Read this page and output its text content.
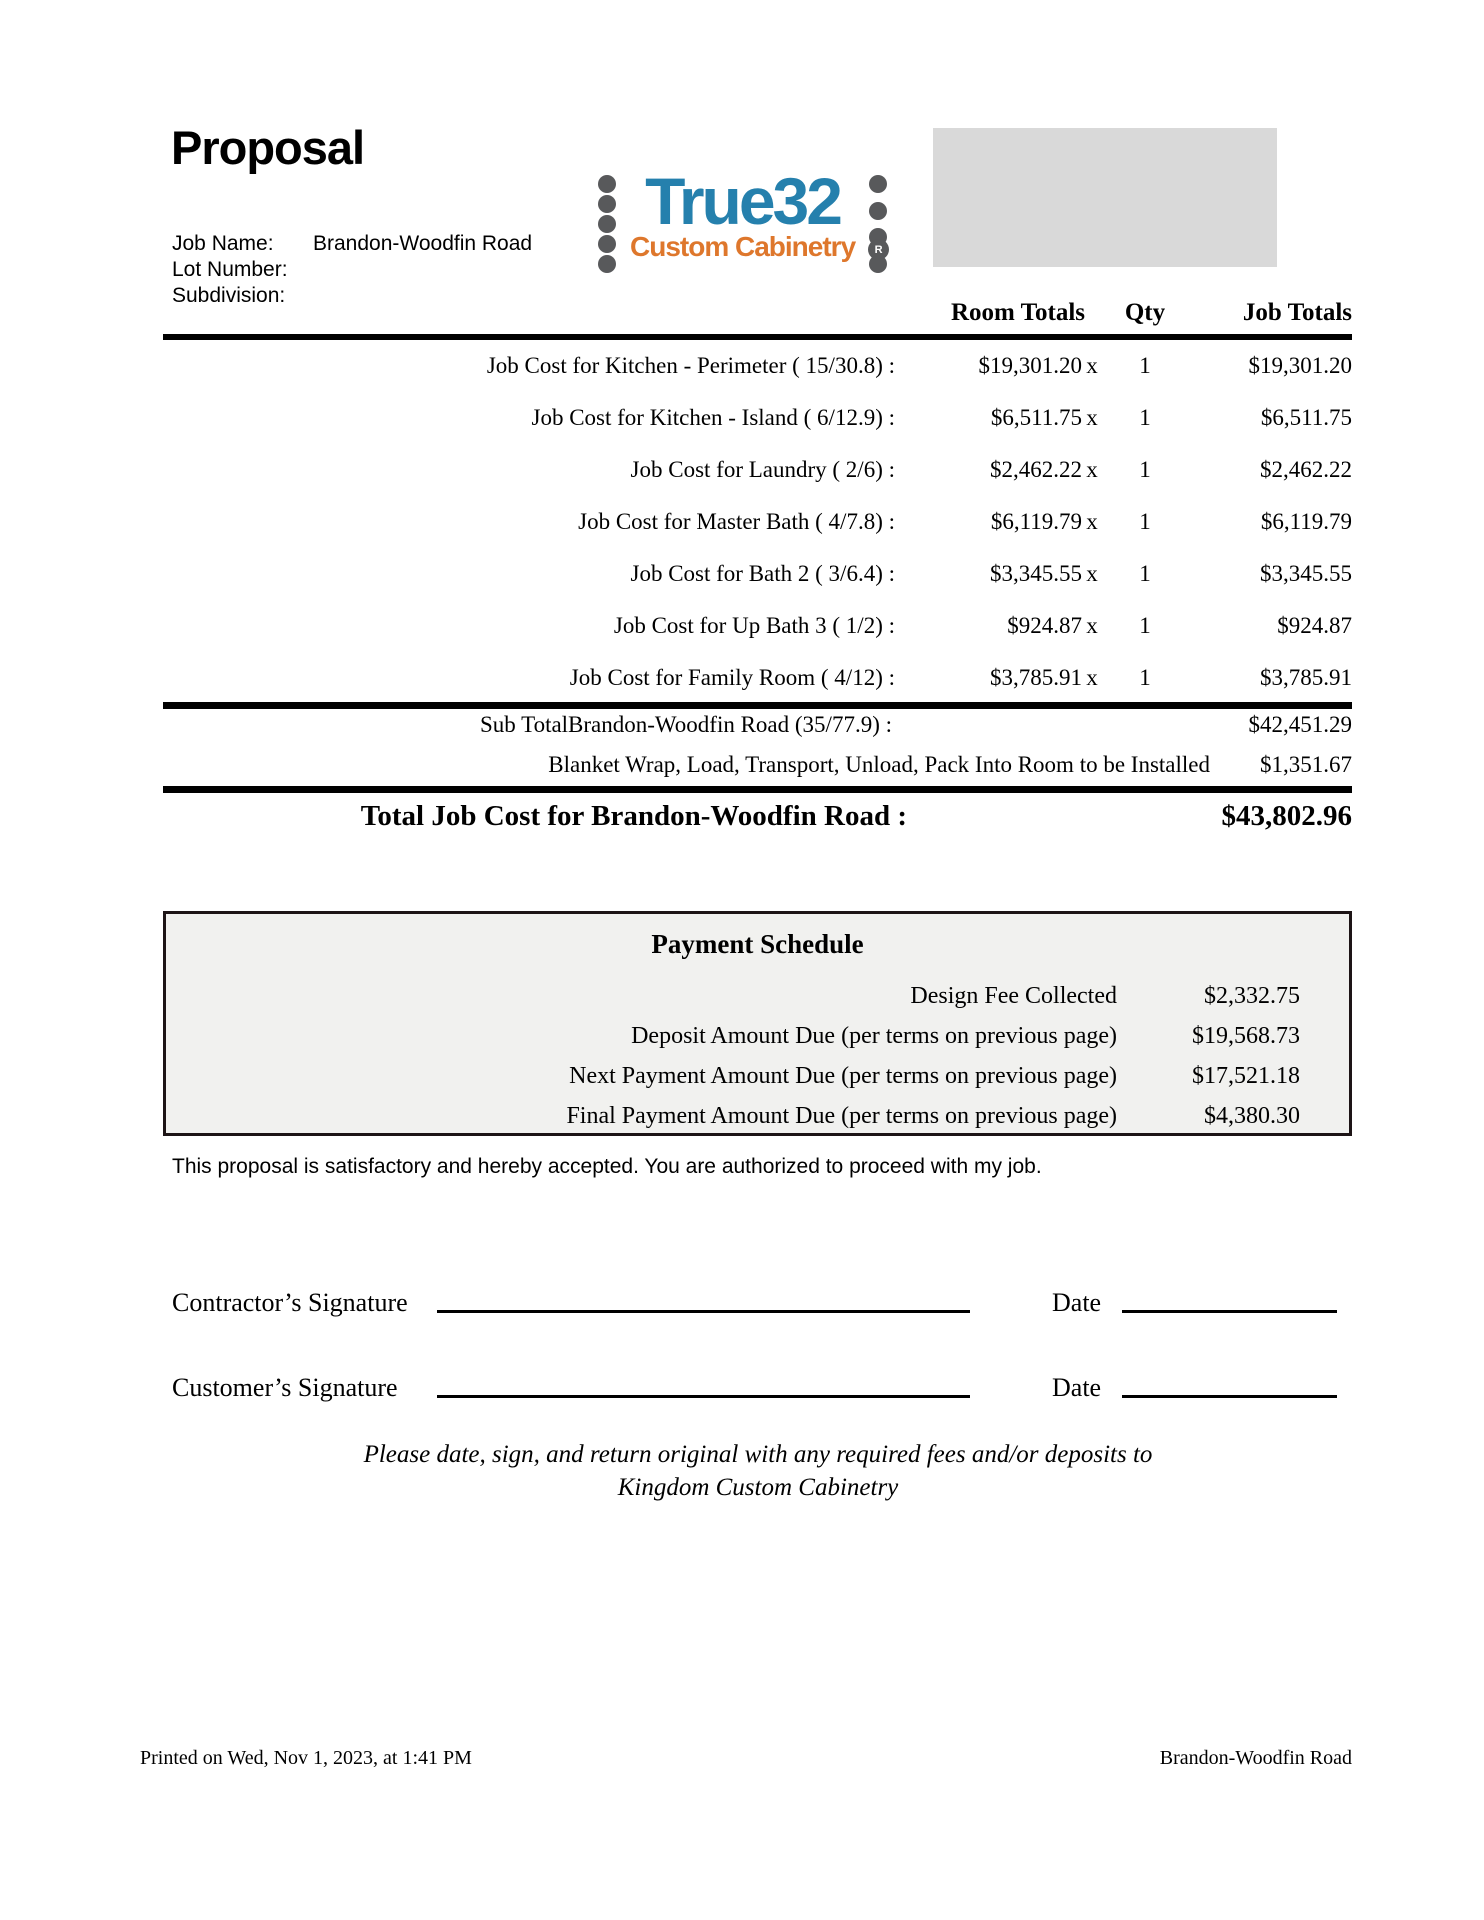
Proposal
True32
Custom Cabinetry	R
Job Name:	Brandon-Woodfin Road
Lot Number:
Subdivision:
Room Totals	Qty	Job Totals
Job Cost for Kitchen - Perimeter ( 15/30.8) :	$19,301.20 x	1	$19,301.20
Job Cost for Kitchen - Island ( 6/12.9) :	$6,511.75 x	1	$6,511.75
Job Cost for Laundry ( 2/6) :	$2,462.22 x	1	$2,462.22
Job Cost for Master Bath ( 4/7.8) :	$6,119.79 x	1	$6,119.79
Job Cost for Bath 2 ( 3/6.4) :	$3,345.55 x	1	$3,345.55
Job Cost for Up Bath 3 ( 1/2) :	$924.87 x	1	$924.87
Job Cost for Family Room ( 4/12) :	$3,785.91 x	1	$3,785.91
Sub TotalBrandon-Woodfin Road (35/77.9) :	$42,451.29
Blanket Wrap, Load, Transport, Unload, Pack Into Room to be Installed	$1,351.67
Total Job Cost for Brandon-Woodfin Road :	$43,802.96
Payment Schedule
Design Fee Collected	$2,332.75
Deposit Amount Due (per terms on previous page)	$19,568.73
Next Payment Amount Due (per terms on previous page)	$17,521.18
Final Payment Amount Due (per terms on previous page)	$4,380.30
This proposal is satisfactory and hereby accepted. You are authorized to proceed with my job.
Contractor’s Signature	Date
Customer’s Signature	Date
Please date, sign, and return original with any required fees and/or deposits to
Kingdom Custom Cabinetry
Printed on Wed, Nov 1, 2023, at 1:41 PM	Brandon-Woodfin Road
